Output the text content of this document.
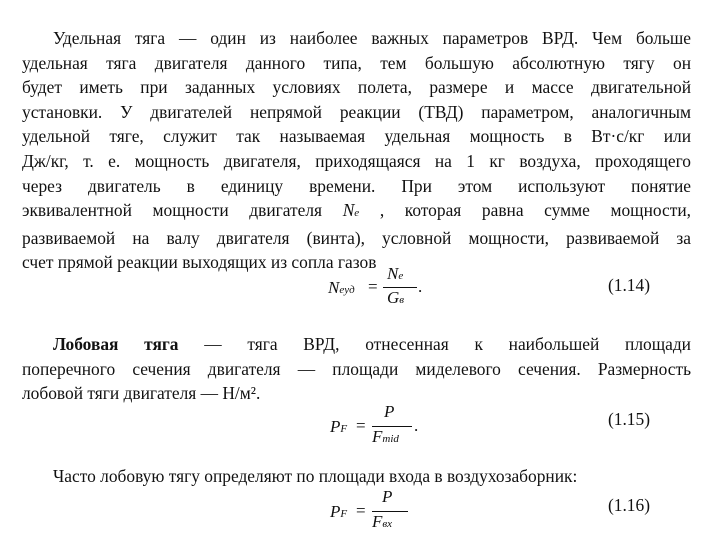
Удельная тяга — один из наиболее важных параметров ВРД. Чем больше
удельная тяга двигателя данного типа, тем большую абсолютную тягу он
будет иметь при заданных условиях полета, размере и массе двигательной
установки. У двигателей непрямой реакции (ТВД) параметром, аналогичным
удельной тяге, служит так называемая удельная мощность в Вт·с/кг или
Дж/кг, т. е. мощность двигателя, приходящаяся на 1 кг воздуха, проходящего
через двигатель в единицу времени. При этом используют понятие
эквивалентной мощности двигателя Ne , которая равна сумме мощности,
развиваемой на валу двигателя (винта), условной мощности, развиваемой за
счет прямой реакции выходящих из сопла газов
Nеуд =
Ne
Gв
.	(1.14)
Лобовая тяга — тяга ВРД, отнесенная к наибольшей площади
поперечного сечения двигателя — площади миделевого сечения. Размерность
лобовой тяги двигателя — Н/м².
PF =
P
Fmid
.	(1.15)
Часто лобовую тягу определяют по площади входа в воздухозаборник:
PF =
P
Fвх
(1.16)
